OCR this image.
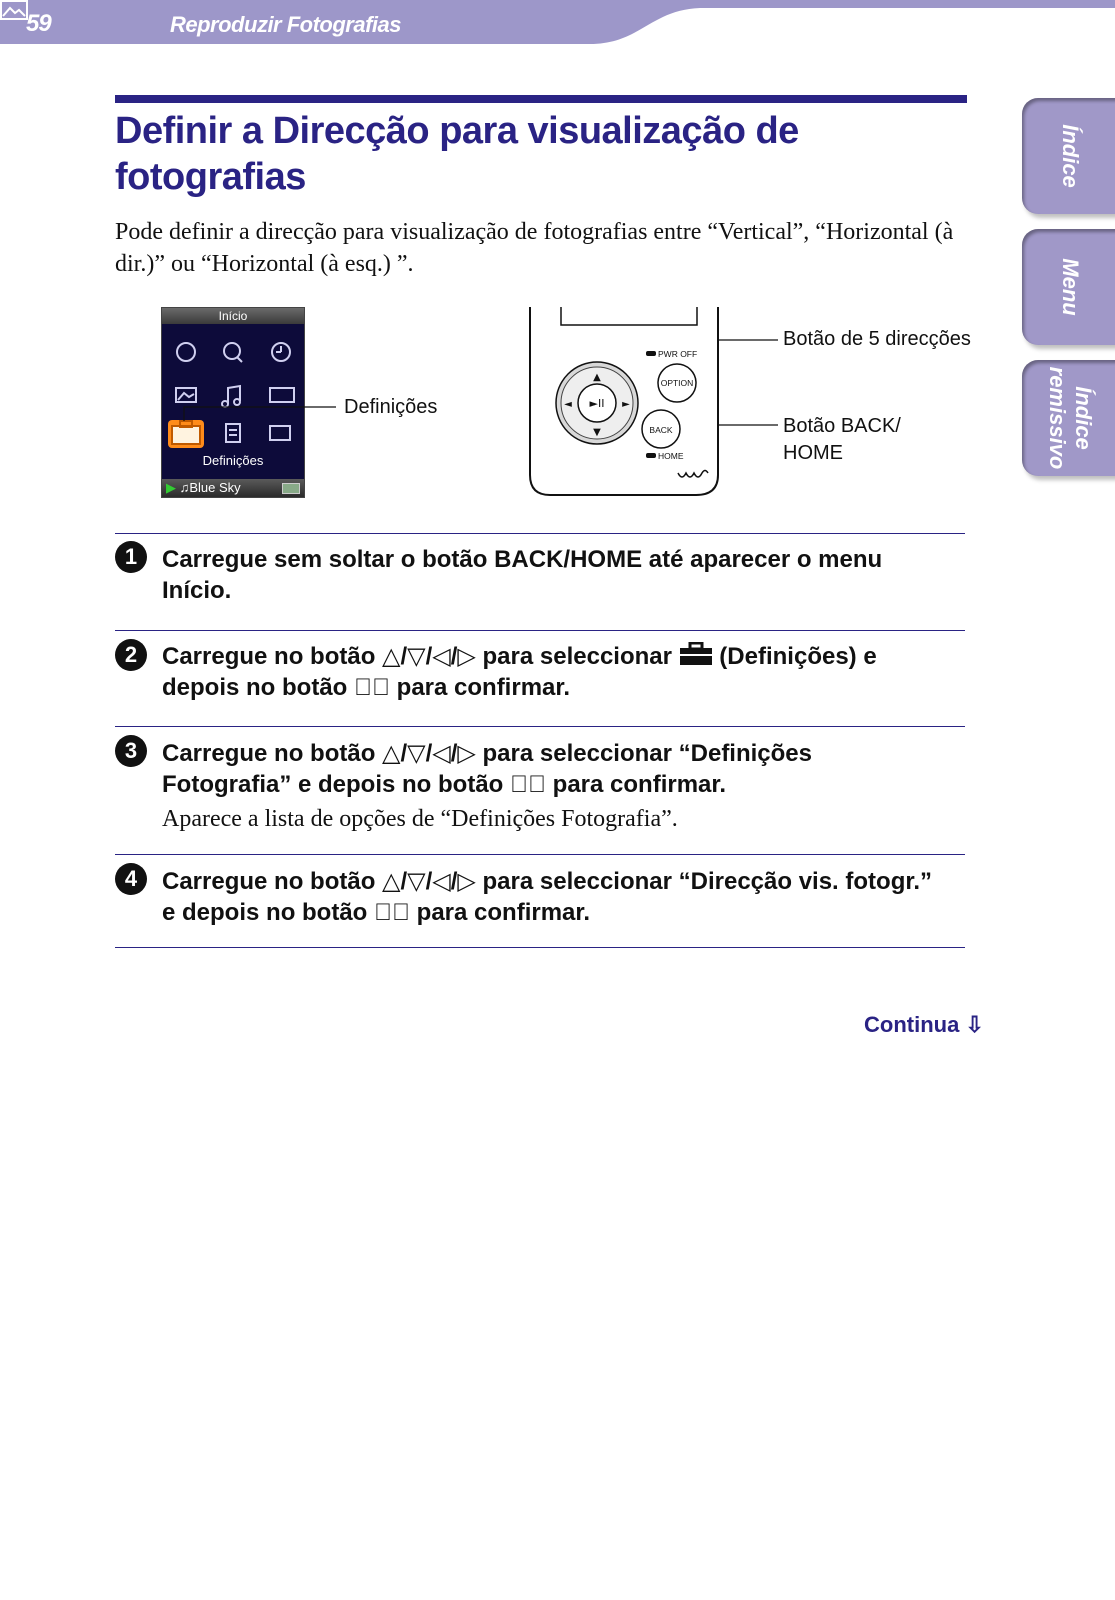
59	Reproduzir Fotografias
Índice
Menu
Índice
remissivo
Definir a Direcção para visualização de
fotografias
Pode definir a direcção para visualização de fotografias entre “Vertical”, “Horizontal (à dir.)” ou “Horizontal (à esq.) ”.
Início
Definições
▶ ♫Blue Sky
Definições
Botão de 5 direcções
Botão BACK/
HOME
►II
▲
▼
◄	►
PWR OFF
OPTION
BACK
HOME
1	Carregue sem soltar o botão BACK/HOME até aparecer o menu
Início.
2	Carregue no botão △/▽/◁/▷ para seleccionar  (Definições) e
depois no botão ▷⃓ para confirmar.
3	Carregue no botão △/▽/◁/▷ para seleccionar “Definições
Fotografia” e depois no botão ▷⃓ para confirmar.
Aparece a lista de opções de “Definições Fotografia”.
4	Carregue no botão △/▽/◁/▷ para seleccionar “Direcção vis. fotogr.”
e depois no botão ▷⃓ para confirmar.
Continua ⇩
